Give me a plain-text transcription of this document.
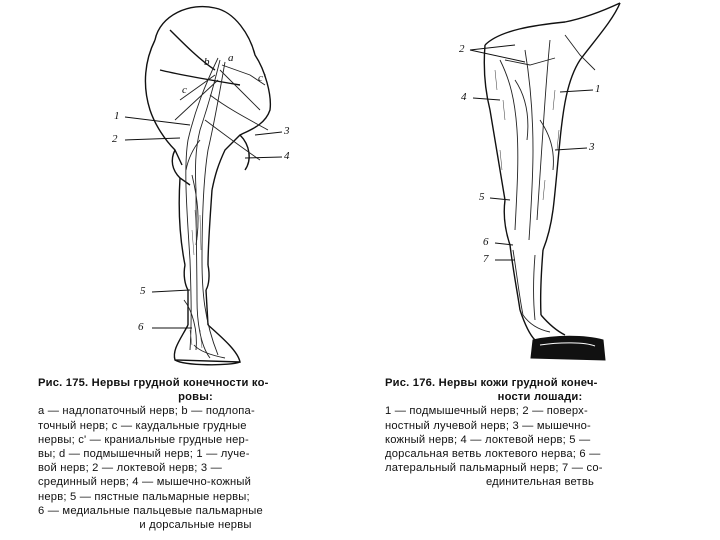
a
b
c
c'
1
2
3
4
5
6
2
4
1
3
5
6
7
Рис. 175. Нервы грудной конечности ко-
ровы:
a — надлопаточный нерв; b — подлопа-
точный нерв; c — каудальные грудные
нервы; c' — краниальные грудные нер-
вы; d — подмышечный нерв; 1 — луче-
вой нерв; 2 — локтевой нерв; 3 —
срединный нерв; 4 — мышечно-кожный
нерв; 5 — пястные пальмарные нервы;
6 — медиальные пальцевые пальмарные
и дорсальные нервы
Рис. 176. Нервы кожи грудной конеч-
ности лошади:
1 — подмышечный нерв; 2 — поверх-
ностный лучевой нерв; 3 — мышечно-
кожный нерв; 4 — локтевой нерв; 5 —
дорсальная ветвь локтевого нерва; 6 —
латеральный пальмарный нерв; 7 — со-
единительная ветвь
